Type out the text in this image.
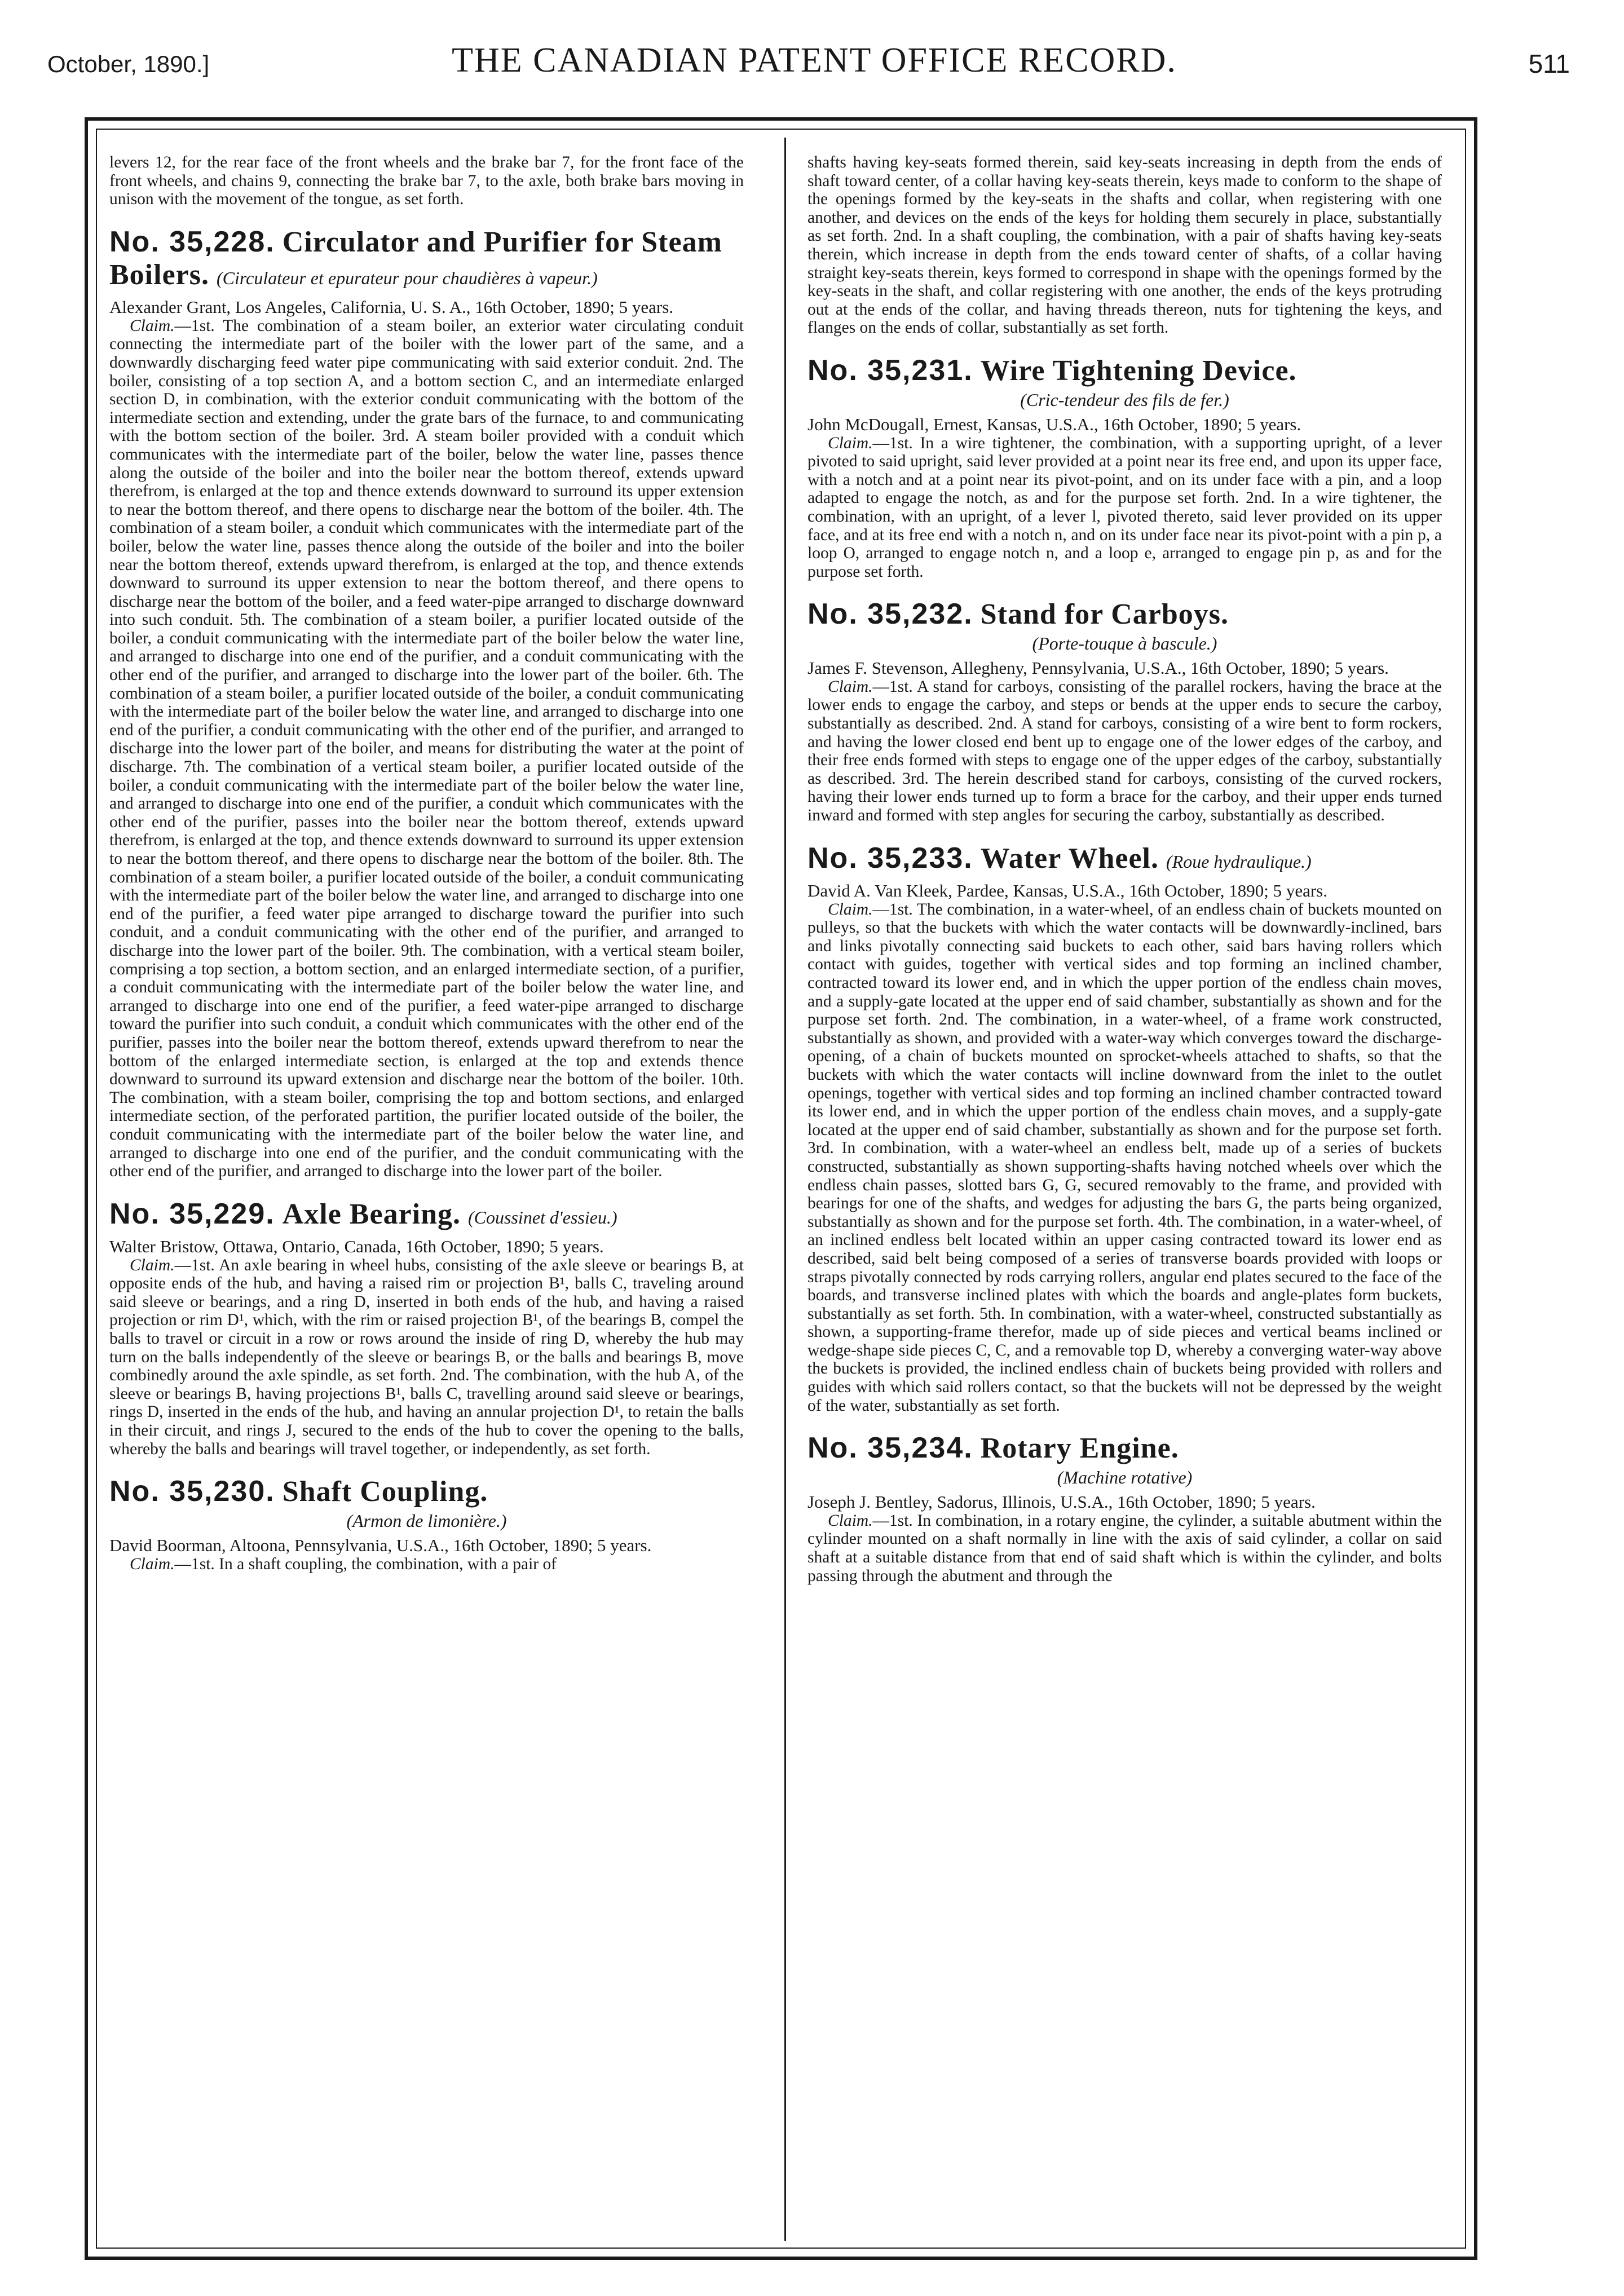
October, 1890.]	THE CANADIAN PATENT OFFICE RECORD.	511

levers 12, for the rear face of the front wheels and the brake bar 7, for the front face of the front wheels, and chains 9, connecting the brake bar 7, to the axle, both brake bars moving in unison with the movement of the tongue, as set forth.

No. 35,228. Circulator and Purifier for Steam Boilers. (Circulateur et epurateur pour chaudières à vapeur.)

Alexander Grant, Los Angeles, California, U. S. A., 16th October, 1890; 5 years.

Claim.—1st. The combination of a steam boiler, an exterior water circulating conduit connecting the intermediate part of the boiler with the lower part of the same, and a downwardly discharging feed water pipe communicating with said exterior conduit. 2nd. The boiler, consisting of a top section A, and a bottom section C, and an intermediate enlarged section D, in combination, with the exterior conduit communicating with the bottom of the intermediate section and extending, under the grate bars of the furnace, to and communicating with the bottom section of the boiler. 3rd. A steam boiler provided with a conduit which communicates with the intermediate part of the boiler, below the water line, passes thence along the outside of the boiler and into the boiler near the bottom thereof, extends upward therefrom, is enlarged at the top and thence extends downward to surround its upper extension to near the bottom thereof, and there opens to discharge near the bottom of the boiler. 4th. The combination of a steam boiler, a conduit which communicates with the intermediate part of the boiler, below the water line, passes thence along the outside of the boiler and into the boiler near the bottom thereof, extends upward therefrom, is enlarged at the top, and thence extends downward to surround its upper extension to near the bottom thereof, and there opens to discharge near the bottom of the boiler, and a feed water-pipe arranged to discharge downward into such conduit. 5th. The combination of a steam boiler, a purifier located outside of the boiler, a conduit communicating with the intermediate part of the boiler below the water line, and arranged to discharge into one end of the purifier, and a conduit communicating with the other end of the purifier, and arranged to discharge into the lower part of the boiler. 6th. The combination of a steam boiler, a purifier located outside of the boiler, a conduit communicating with the intermediate part of the boiler below the water line, and arranged to discharge into one end of the purifier, a conduit communicating with the other end of the purifier, and arranged to discharge into the lower part of the boiler, and means for distributing the water at the point of discharge. 7th. The combination of a vertical steam boiler, a purifier located outside of the boiler, a conduit communicating with the intermediate part of the boiler below the water line, and arranged to discharge into one end of the purifier, a conduit which communicates with the other end of the purifier, passes into the boiler near the bottom thereof, extends upward therefrom, is enlarged at the top, and thence extends downward to surround its upper extension to near the bottom thereof, and there opens to discharge near the bottom of the boiler. 8th. The combination of a steam boiler, a purifier located outside of the boiler, a conduit communicating with the intermediate part of the boiler below the water line, and arranged to discharge into one end of the purifier, a feed water pipe arranged to discharge toward the purifier into such conduit, and a conduit communicating with the other end of the purifier, and arranged to discharge into the lower part of the boiler. 9th. The combination, with a vertical steam boiler, comprising a top section, a bottom section, and an enlarged intermediate section, of a purifier, a conduit communicating with the intermediate part of the boiler below the water line, and arranged to discharge into one end of the purifier, a feed water-pipe arranged to discharge toward the purifier into such conduit, a conduit which communicates with the other end of the purifier, passes into the boiler near the bottom thereof, extends upward therefrom to near the bottom of the enlarged intermediate section, is enlarged at the top and extends thence downward to surround its upward extension and discharge near the bottom of the boiler. 10th. The combination, with a steam boiler, comprising the top and bottom sections, and enlarged intermediate section, of the perforated partition, the purifier located outside of the boiler, the conduit communicating with the intermediate part of the boiler below the water line, and arranged to discharge into one end of the purifier, and the conduit communicating with the other end of the purifier, and arranged to discharge into the lower part of the boiler.

No. 35,229. Axle Bearing. (Coussinet d'essieu.)

Walter Bristow, Ottawa, Ontario, Canada, 16th October, 1890; 5 years.

Claim.—1st. An axle bearing in wheel hubs, consisting of the axle sleeve or bearings B, at opposite ends of the hub, and having a raised rim or projection B¹, balls C, traveling around said sleeve or bearings, and a ring D, inserted in both ends of the hub, and having a raised projection or rim D¹, which, with the rim or raised projection B¹, of the bearings B, compel the balls to travel or circuit in a row or rows around the inside of ring D, whereby the hub may turn on the balls independently of the sleeve or bearings B, or the balls and bearings B, move combinedly around the axle spindle, as set forth. 2nd. The combination, with the hub A, of the sleeve or bearings B, having projections B¹, balls C, travelling around said sleeve or bearings, rings D, inserted in the ends of the hub, and having an annular projection D¹, to retain the balls in their circuit, and rings J, secured to the ends of the hub to cover the opening to the balls, whereby the balls and bearings will travel together, or independently, as set forth.

No. 35,230. Shaft Coupling.
(Armon de limonière.)

David Boorman, Altoona, Pennsylvania, U.S.A., 16th October, 1890; 5 years.

Claim.—1st. In a shaft coupling, the combination, with a pair of

shafts having key-seats formed therein, said key-seats increasing in depth from the ends of shaft toward center, of a collar having key-seats therein, keys made to conform to the shape of the openings formed by the key-seats in the shafts and collar, when registering with one another, and devices on the ends of the keys for holding them securely in place, substantially as set forth. 2nd. In a shaft coupling, the combination, with a pair of shafts having key-seats therein, which increase in depth from the ends toward center of shafts, of a collar having straight key-seats therein, keys formed to correspond in shape with the openings formed by the key-seats in the shaft, and collar registering with one another, the ends of the keys protruding out at the ends of the collar, and having threads thereon, nuts for tightening the keys, and flanges on the ends of collar, substantially as set forth.

No. 35,231. Wire Tightening Device.
(Cric-tendeur des fils de fer.)

John McDougall, Ernest, Kansas, U.S.A., 16th October, 1890; 5 years.

Claim.—1st. In a wire tightener, the combination, with a supporting upright, of a lever pivoted to said upright, said lever provided at a point near its free end, and upon its upper face, with a notch and at a point near its pivot-point, and on its under face with a pin, and a loop adapted to engage the notch, as and for the purpose set forth. 2nd. In a wire tightener, the combination, with an upright, of a lever l, pivoted thereto, said lever provided on its upper face, and at its free end with a notch n, and on its under face near its pivot-point with a pin p, a loop O, arranged to engage notch n, and a loop e, arranged to engage pin p, as and for the purpose set forth.

No. 35,232. Stand for Carboys.
(Porte-touque à bascule.)

James F. Stevenson, Allegheny, Pennsylvania, U.S.A., 16th October, 1890; 5 years.

Claim.—1st. A stand for carboys, consisting of the parallel rockers, having the brace at the lower ends to engage the carboy, and steps or bends at the upper ends to secure the carboy, substantially as described. 2nd. A stand for carboys, consisting of a wire bent to form rockers, and having the lower closed end bent up to engage one of the lower edges of the carboy, and their free ends formed with steps to engage one of the upper edges of the carboy, substantially as described. 3rd. The herein described stand for carboys, consisting of the curved rockers, having their lower ends turned up to form a brace for the carboy, and their upper ends turned inward and formed with step angles for securing the carboy, substantially as described.

No. 35,233. Water Wheel. (Roue hydraulique.)

David A. Van Kleek, Pardee, Kansas, U.S.A., 16th October, 1890; 5 years.

Claim.—1st. The combination, in a water-wheel, of an endless chain of buckets mounted on pulleys, so that the buckets with which the water contacts will be downwardly-inclined, bars and links pivotally connecting said buckets to each other, said bars having rollers which contact with guides, together with vertical sides and top forming an inclined chamber, contracted toward its lower end, and in which the upper portion of the endless chain moves, and a supply-gate located at the upper end of said chamber, substantially as shown and for the purpose set forth. 2nd. The combination, in a water-wheel, of a frame work constructed, substantially as shown, and provided with a water-way which converges toward the discharge-opening, of a chain of buckets mounted on sprocket-wheels attached to shafts, so that the buckets with which the water contacts will incline downward from the inlet to the outlet openings, together with vertical sides and top forming an inclined chamber contracted toward its lower end, and in which the upper portion of the endless chain moves, and a supply-gate located at the upper end of said chamber, substantially as shown and for the purpose set forth. 3rd. In combination, with a water-wheel an endless belt, made up of a series of buckets constructed, substantially as shown supporting-shafts having notched wheels over which the endless chain passes, slotted bars G, G, secured removably to the frame, and provided with bearings for one of the shafts, and wedges for adjusting the bars G, the parts being organized, substantially as shown and for the purpose set forth. 4th. The combination, in a water-wheel, of an inclined endless belt located within an upper casing contracted toward its lower end as described, said belt being composed of a series of transverse boards provided with loops or straps pivotally connected by rods carrying rollers, angular end plates secured to the face of the boards, and transverse inclined plates with which the boards and angle-plates form buckets, substantially as set forth. 5th. In combination, with a water-wheel, constructed substantially as shown, a supporting-frame therefor, made up of side pieces and vertical beams inclined or wedge-shape side pieces C, C, and a removable top D, whereby a converging water-way above the buckets is provided, the inclined endless chain of buckets being provided with rollers and guides with which said rollers contact, so that the buckets will not be depressed by the weight of the water, substantially as set forth.

No. 35,234. Rotary Engine.
(Machine rotative)

Joseph J. Bentley, Sadorus, Illinois, U.S.A., 16th October, 1890; 5 years.

Claim.—1st. In combination, in a rotary engine, the cylinder, a suitable abutment within the cylinder mounted on a shaft normally in line with the axis of said cylinder, a collar on said shaft at a suitable distance from that end of said shaft which is within the cylinder, and bolts passing through the abutment and through the
